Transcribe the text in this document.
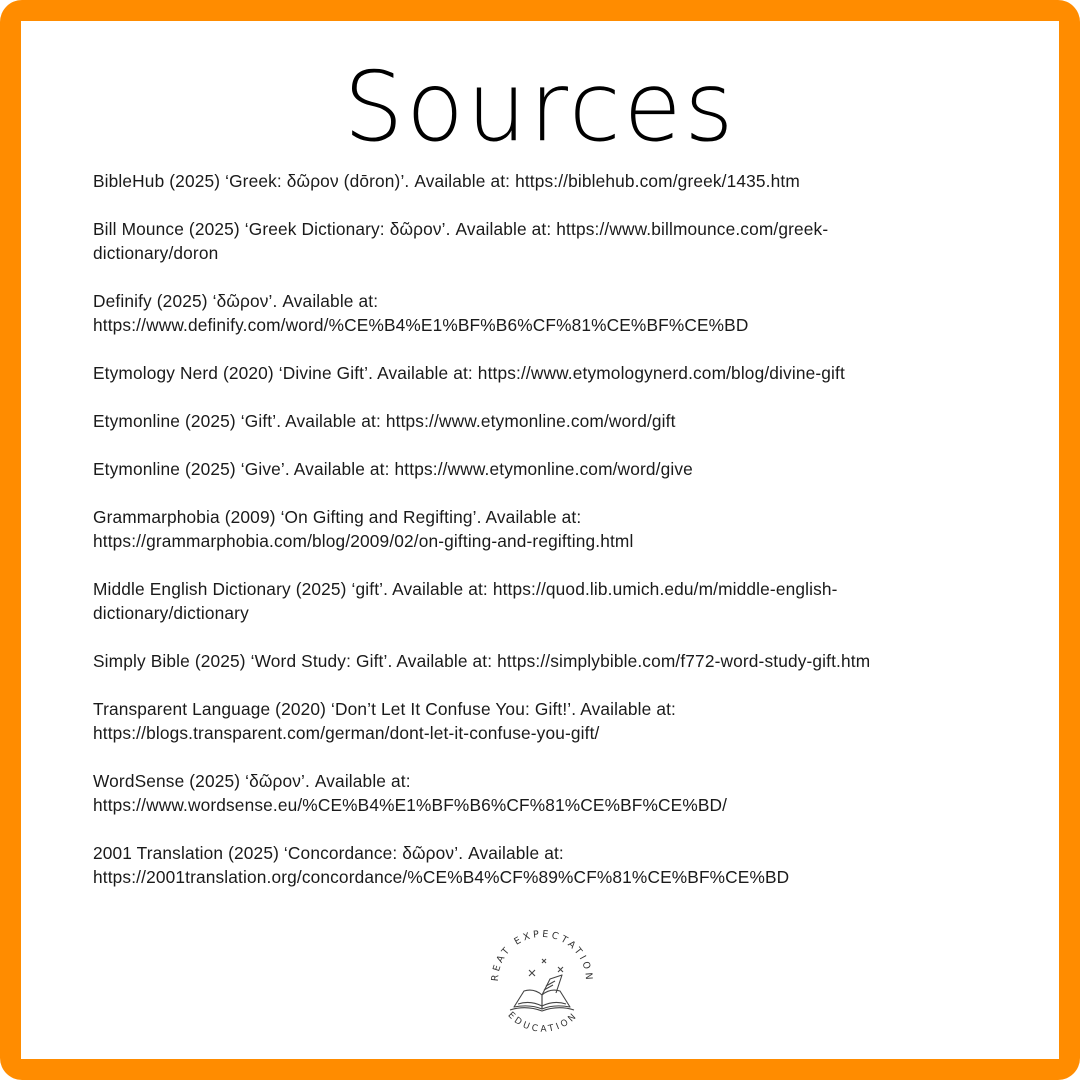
Sources

BibleHub (2025) ‘Greek: δῶρον (dōron)’. Available at: https://biblehub.com/greek/1435.htm

Bill Mounce (2025) ‘Greek Dictionary: δῶρον’. Available at: https://www.billmounce.com/greek-
dictionary/doron

Definify (2025) ‘δῶρον’. Available at:
https://www.definify.com/word/%CE%B4%E1%BF%B6%CF%81%CE%BF%CE%BD

Etymology Nerd (2020) ‘Divine Gift’. Available at: https://www.etymologynerd.com/blog/divine-gift

Etymonline (2025) ‘Gift’. Available at: https://www.etymonline.com/word/gift

Etymonline (2025) ‘Give’. Available at: https://www.etymonline.com/word/give

Grammarphobia (2009) ‘On Gifting and Regifting’. Available at:
https://grammarphobia.com/blog/2009/02/on-gifting-and-regifting.html

Middle English Dictionary (2025) ‘gift’. Available at: https://quod.lib.umich.edu/m/middle-english-
dictionary/dictionary

Simply Bible (2025) ‘Word Study: Gift’. Available at: https://simplybible.com/f772-word-study-gift.htm

Transparent Language (2020) ‘Don’t Let It Confuse You: Gift!’. Available at:
https://blogs.transparent.com/german/dont-let-it-confuse-you-gift/

WordSense (2025) ‘δῶρον’. Available at:
https://www.wordsense.eu/%CE%B4%E1%BF%B6%CF%81%CE%BF%CE%BD/

2001 Translation (2025) ‘Concordance: δῶρον’. Available at:
https://2001translation.org/concordance/%CE%B4%CF%89%CF%81%CE%BF%CE%BD

REAT EXPECTATION
EDUCATION
